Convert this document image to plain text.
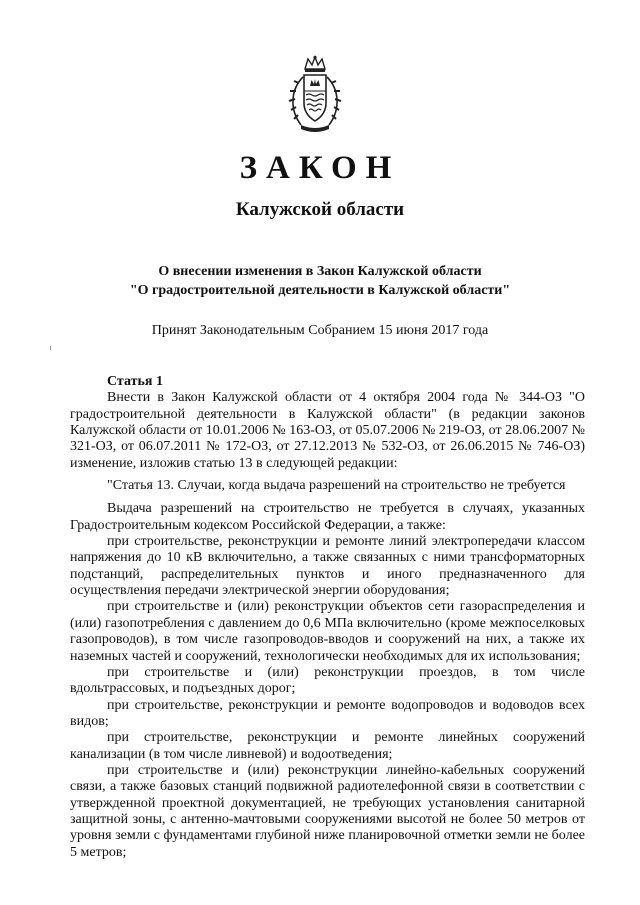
ЗАКОН
Калужской области
О внесении изменения в Закон Калужской области
"О градостроительной деятельности в Калужской области"
Принят Законодательным Собранием 15 июня 2017 года

Статья 1

Внести в Закон Калужской области от 4 октября 2004 года № 344-ОЗ "О градостроительной деятельности в Калужской области" (в редакции законов Калужской области от 10.01.2006 № 163-ОЗ, от 05.07.2006 № 219-ОЗ, от 28.06.2007 № 321-ОЗ, от 06.07.2011 № 172-ОЗ, от 27.12.2013 № 532-ОЗ, от 26.06.2015 № 746-ОЗ) изменение, изложив статью 13 в следующей редакции:

"Статья 13. Случаи, когда выдача разрешений на строительство не требуется

Выдача разрешений на строительство не требуется в случаях, указанных Градостроительным кодексом Российской Федерации, а также:

при строительстве, реконструкции и ремонте линий электропередачи классом напряжения до 10 кВ включительно, а также связанных с ними трансформаторных подстанций, распределительных пунктов и иного предназначенного для осуществления передачи электрической энергии оборудования;

при строительстве и (или) реконструкции объектов сети газораспределения и (или) газопотребления с давлением до 0,6 МПа включительно (кроме межпоселковых газопроводов), в том числе газопроводов-вводов и сооружений на них, а также их наземных частей и сооружений, технологически необходимых для их использования;

при строительстве и (или) реконструкции проездов, в том числе вдольтрассовых, и подъездных дорог;

при строительстве, реконструкции и ремонте водопроводов и водоводов всех видов;

при строительстве, реконструкции и ремонте линейных сооружений канализации (в том числе ливневой) и водоотведения;

при строительстве и (или) реконструкции линейно-кабельных сооружений связи, а также базовых станций подвижной радиотелефонной связи в соответствии с утвержденной проектной документацией, не требующих установления санитарной защитной зоны, с антенно-мачтовыми сооружениями высотой не более 50 метров от уровня земли с фундаментами глубиной ниже планировочной отметки земли не более 5 метров;
